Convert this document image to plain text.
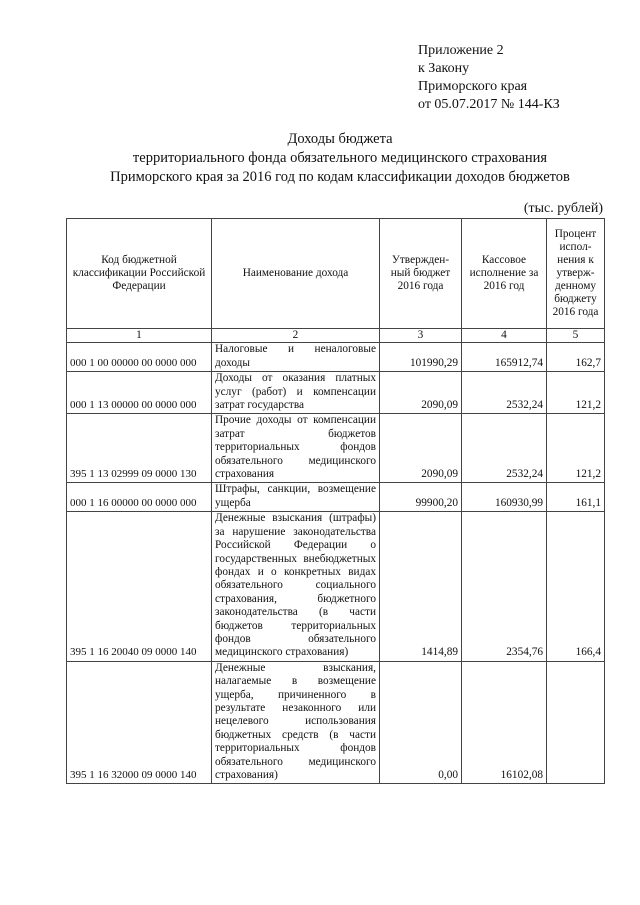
Приложение 2
к Закону
Приморского края
от 05.07.2017 № 144-КЗ
Доходы бюджета
территориального фонда обязательного медицинского страхования
Приморского края за 2016 год по кодам классификации доходов бюджетов
(тыс. рублей)
Код бюджетной классификации Российской Федерации	Наименование дохода	Утвержден-ный бюджет 2016 года	Кассовое исполнение за 2016 год	Процент испол-нения к утверж-денному бюджету 2016 года
1	2	3	4	5
000 1 00 00000 00 0000 000	Налоговые и неналоговые доходы	101990,29	165912,74	162,7
000 1 13 00000 00 0000 000	Доходы от оказания платных услуг (работ) и компенсации затрат государства	2090,09	2532,24	121,2
395 1 13 02999 09 0000 130	Прочие доходы от компенсации затрат бюджетов территориальных фондов обязательного медицинского страхования	2090,09	2532,24	121,2
000 1 16 00000 00 0000 000	Штрафы, санкции, возмещение ущерба	99900,20	160930,99	161,1
395 1 16 20040 09 0000 140	Денежные взыскания (штрафы) за нарушение законодательства Российской Федерации о государственных внебюджетных фондах и о конкретных видах обязательного социального страхования, бюджетного законодательства (в части бюджетов территориальных фондов обязательного медицинского страхования)	1414,89	2354,76	166,4
395 1 16 32000 09 0000 140	Денежные взыскания, налагаемые в возмещение ущерба, причиненного в результате незаконного или нецелевого использования бюджетных средств (в части территориальных фондов обязательного медицинского страхования)	0,00	16102,08	
